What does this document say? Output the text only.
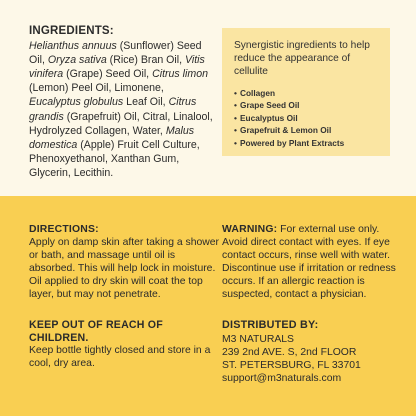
INGREDIENTS:
Helianthus annuus (Sunflower) Seed Oil, Oryza sativa (Rice) Bran Oil, Vitis vinifera (Grape) Seed Oil, Citrus limon (Lemon) Peel Oil, Limonene, Eucalyptus globulus Leaf Oil, Citrus grandis (Grapefruit) Oil, Citral, Linalool, Hydrolyzed Collagen, Water, Malus domestica (Apple) Fruit Cell Culture, Phenoxyethanol, Xanthan Gum, Glycerin, Lecithin.

Synergistic ingredients to help reduce the appearance of cellulite

• Collagen
• Grape Seed Oil
• Eucalyptus Oil
• Grapefruit & Lemon Oil
• Powered by Plant Extracts
DIRECTIONS:
Apply on damp skin after taking a shower or bath, and massage until oil is absorbed. This will help lock in moisture. Oil applied to dry skin will coat the top layer, but may not penetrate.
WARNING: For external use only. Avoid direct contact with eyes. If eye contact occurs, rinse well with water. Discontinue use if irritation or redness occurs. If an allergic reaction is suspected, contact a physician.
KEEP OUT OF REACH OF CHILDREN.
Keep bottle tightly closed and store in a cool, dry area.
DISTRIBUTED BY:
M3 NATURALS
239 2nd AVE. S, 2nd FLOOR
ST. PETERSBURG, FL 33701
support@m3naturals.com
